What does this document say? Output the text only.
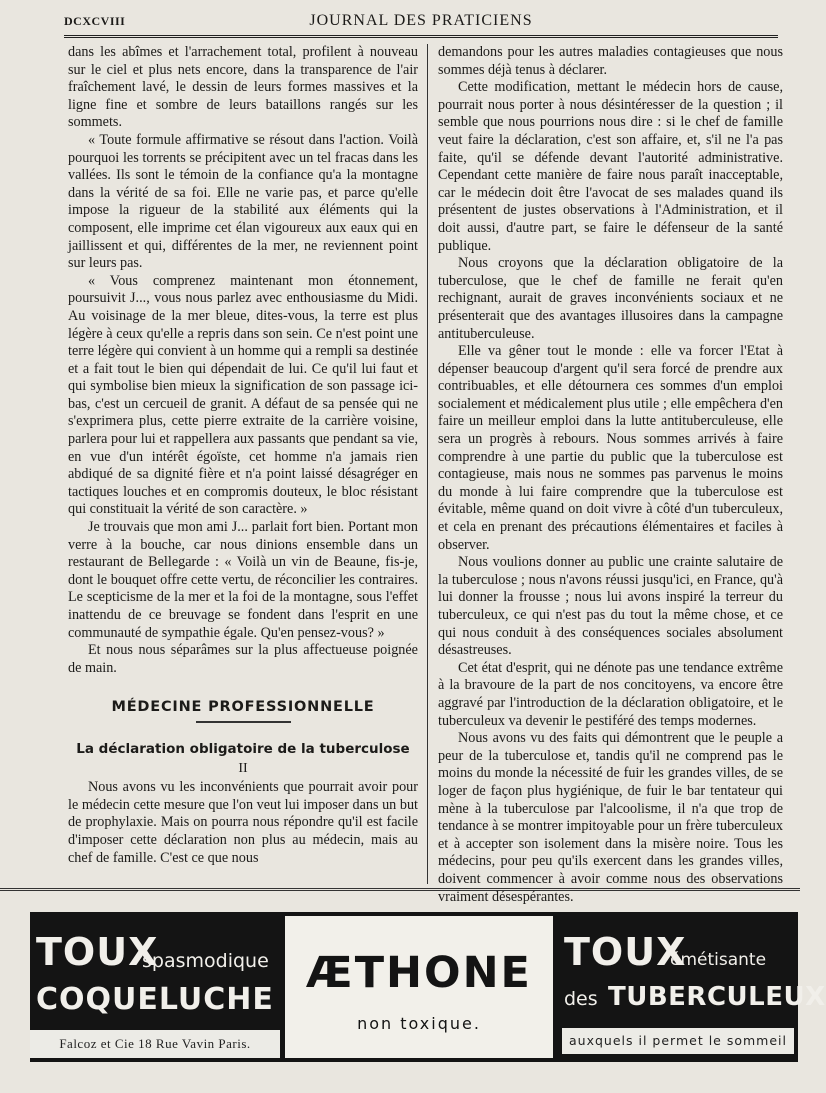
DCXCVIII	JOURNAL DES PRATICIENS

dans les abîmes et l'arrachement total, profilent à nouveau sur le ciel et plus nets encore, dans la transparence de l'air fraîchement lavé, le dessin de leurs formes massives et la ligne fine et sombre de leurs bataillons rangés sur les sommets.

« Toute formule affirmative se résout dans l'action. Voilà pourquoi les torrents se précipitent avec un tel fracas dans les vallées. Ils sont le témoin de la confiance qu'a la montagne dans la vérité de sa foi. Elle ne varie pas, et parce qu'elle impose la rigueur de la stabilité aux éléments qui la composent, elle imprime cet élan vigoureux aux eaux qui en jaillissent et qui, différentes de la mer, ne reviennent point sur leurs pas.

« Vous comprenez maintenant mon étonnement, poursuivit J..., vous nous parlez avec enthousiasme du Midi. Au voisinage de la mer bleue, dites-vous, la terre est plus légère à ceux qu'elle a repris dans son sein. Ce n'est point une terre légère qui convient à un homme qui a rempli sa destinée et a fait tout le bien qui dépendait de lui. Ce qu'il lui faut et qui symbolise bien mieux la signification de son passage ici-bas, c'est un cercueil de granit. A défaut de sa pensée qui ne s'exprimera plus, cette pierre extraite de la carrière voisine, parlera pour lui et rappellera aux passants que pendant sa vie, en vue d'un intérêt égoïste, cet homme n'a jamais rien abdiqué de sa dignité fière et n'a point laissé désagréger en tactiques louches et en compromis douteux, le bloc résistant qui constituait la vérité de son caractère. »

Je trouvais que mon ami J... parlait fort bien. Portant mon verre à la bouche, car nous dinions ensemble dans un restaurant de Bellegarde : « Voilà un vin de Beaune, fis-je, dont le bouquet offre cette vertu, de réconcilier les contraires. Le scepticisme de la mer et la foi de la montagne, sous l'effet inattendu de ce breuvage se fondent dans l'esprit en une communauté de sympathie égale. Qu'en pensez-vous? »

Et nous nous séparâmes sur la plus affectueuse poignée de main.

MÉDECINE PROFESSIONNELLE
La déclaration obligatoire de la tuberculose
II

Nous avons vu les inconvénients que pourrait avoir pour le médecin cette mesure que l'on veut lui imposer dans un but de prophylaxie. Mais on pourra nous répondre qu'il est facile d'imposer cette déclaration non plus au médecin, mais au chef de famille. C'est ce que nous

demandons pour les autres maladies contagieuses que nous sommes déjà tenus à déclarer.

Cette modification, mettant le médecin hors de cause, pourrait nous porter à nous désintéresser de la question ; il semble que nous pourrions nous dire : si le chef de famille veut faire la déclaration, c'est son affaire, et, s'il ne l'a pas faite, qu'il se défende devant l'autorité administrative. Cependant cette manière de faire nous paraît inacceptable, car le médecin doit être l'avocat de ses malades quand ils présentent de justes observations à l'Administration, et il doit aussi, d'autre part, se faire le défenseur de la santé publique.

Nous croyons que la déclaration obligatoire de la tuberculose, que le chef de famille ne ferait qu'en rechignant, aurait de graves inconvénients sociaux et ne présenterait que des avantages illusoires dans la campagne antituberculeuse.

Elle va gêner tout le monde : elle va forcer l'Etat à dépenser beaucoup d'argent qu'il sera forcé de prendre aux contribuables, et elle détournera ces sommes d'un emploi socialement et médicalement plus utile ; elle empêchera d'en faire un meilleur emploi dans la lutte antituberculeuse, elle sera un progrès à rebours. Nous sommes arrivés à faire comprendre à une partie du public que la tuberculose est contagieuse, mais nous ne sommes pas parvenus le moins du monde à lui faire comprendre que la tuberculose est évitable, même quand on doit vivre à côté d'un tuberculeux, et cela en prenant des précautions élémentaires et faciles à observer.

Nous voulions donner au public une crainte salutaire de la tuberculose ; nous n'avons réussi jusqu'ici, en France, qu'à lui donner la frousse ; nous lui avons inspiré la terreur du tuberculeux, ce qui n'est pas du tout la même chose, et ce qui nous conduit à des conséquences sociales absolument désastreuses.

Cet état d'esprit, qui ne dénote pas une tendance extrême à la bravoure de la part de nos concitoyens, va encore être aggravé par l'introduction de la déclaration obligatoire, et le tuberculeux va devenir le pestiféré des temps modernes.

Nous avons vu des faits qui démontrent que le peuple a peur de la tuberculose et, tandis qu'il ne comprend pas le moins du monde la nécessité de fuir les grandes villes, de se loger de façon plus hygiénique, de fuir le bar tentateur qui mène à la tuberculose par l'alcoolisme, il n'a que trop de tendance à se montrer impitoyable pour un frère tuberculeux et à accepter son isolement dans la misère noire. Tous les médecins, pour peu qu'ils exercent dans les grandes villes, doivent commencer à avoir comme nous des observations vraiment désespérantes.

TOUX
spasmodique
COQUELUCHE
Falcoz et Cie 18 Rue Vavin Paris.
ÆTHONE
non toxique.
TOUX
émétisante
des TUBERCULEUX
auxquels il permet le sommeil
